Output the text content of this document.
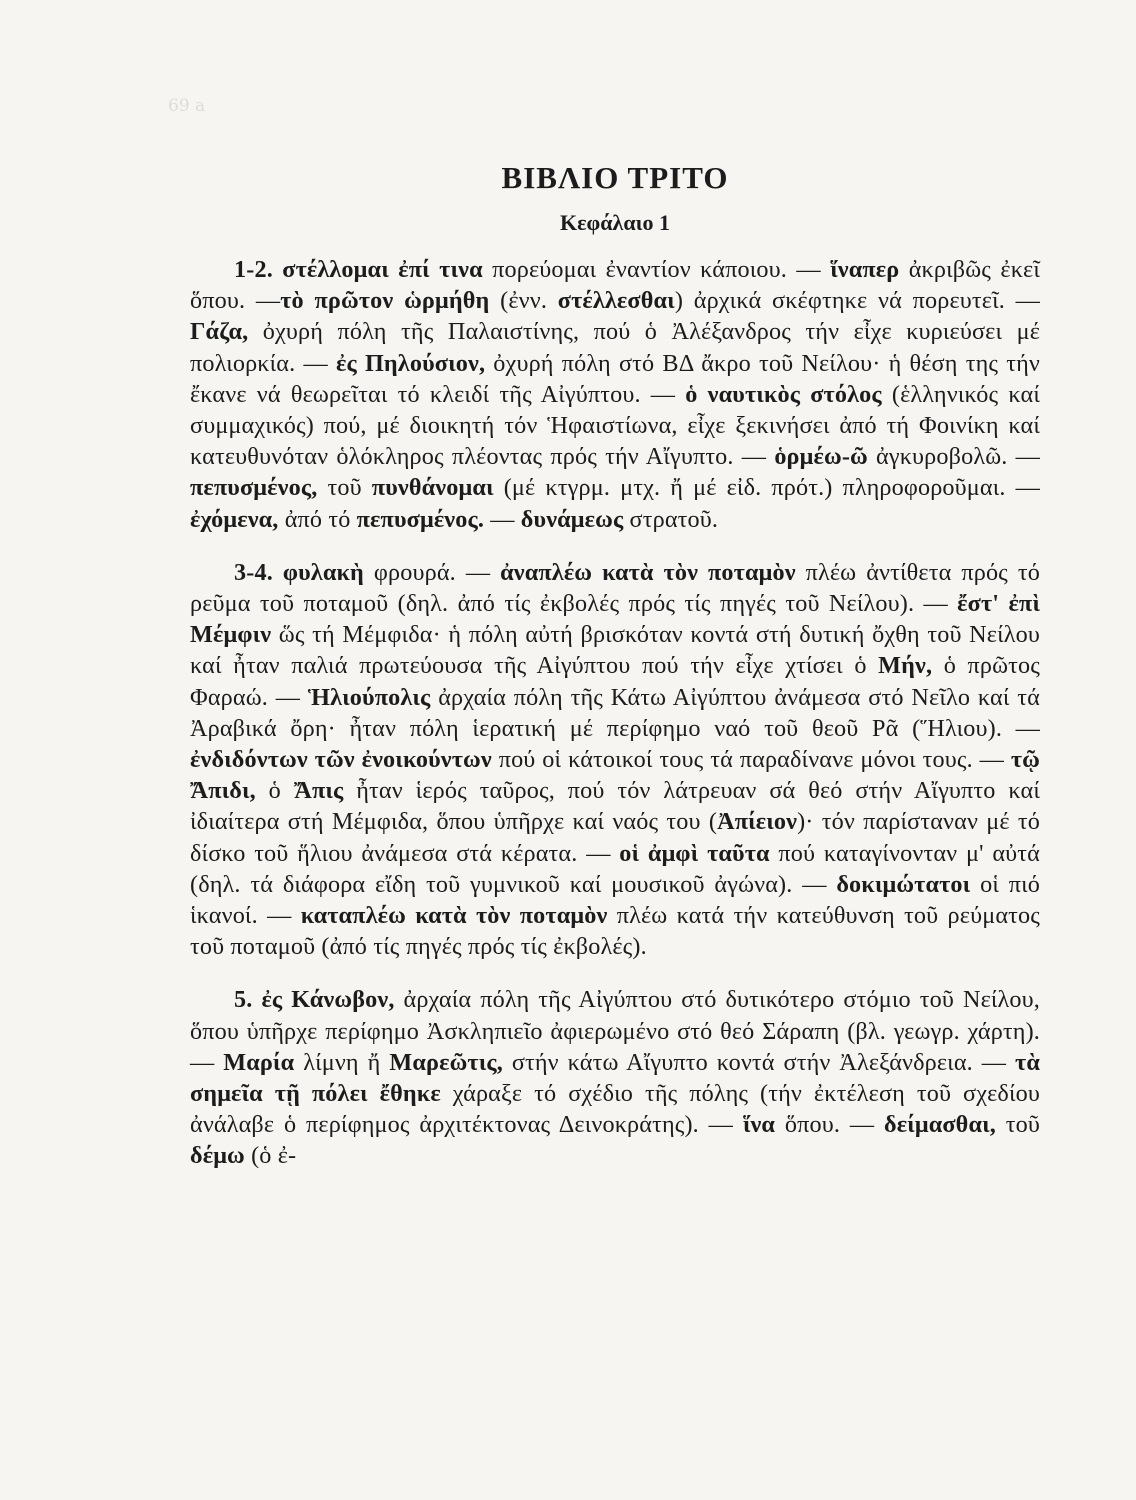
69 a
ΒΙΒΛΙΟ ΤΡΙΤΟ
Κεφάλαιο 1

1-2. στέλλομαι ἐπί τινα πορεύομαι ἐναντίον κάποιου. — ἵναπερ ἀκριβῶς ἐκεῖ ὅπου. —τὸ πρῶτον ὡρμήθη (ἐνν. στέλλεσθαι) ἀρχικά σκέφτηκε νά πορευτεῖ. — Γάζα, ὀχυρή πόλη τῆς Παλαιστίνης, πού ὁ Ἀλέξανδρος τήν εἶχε κυριεύσει μέ πολιορκία. — ἐς Πηλούσιον, ὀχυρή πόλη στό ΒΔ ἄκρο τοῦ Νείλου· ἡ θέση της τήν ἔκανε νά θεωρεῖται τό κλειδί τῆς Αἰγύπτου. — ὁ ναυτικὸς στόλος (ἑλληνικός καί συμμαχικός) πού, μέ διοικητή τόν Ἡφαιστίωνα, εἶχε ξεκινήσει ἀπό τή Φοινίκη καί κατευθυνόταν ὁλόκληρος πλέοντας πρός τήν Αἴγυπτο. — ὁρμέω-ῶ ἀγκυροβολῶ. — πεπυσμένος, τοῦ πυνθάνομαι (μέ κτγρμ. μτχ. ἤ μέ εἰδ. πρότ.) πληροφοροῦμαι. — ἐχόμενα, ἀπό τό πεπυσμένος. — δυνάμεως στρατοῦ.

3-4. φυλακὴ φρουρά. — ἀναπλέω κατὰ τὸν ποταμὸν πλέω ἀντίθετα πρός τό ρεῦμα τοῦ ποταμοῦ (δηλ. ἀπό τίς ἐκβολές πρός τίς πηγές τοῦ Νείλου). — ἔστ' ἐπὶ Μέμφιν ὥς τή Μέμφιδα· ἡ πόλη αὐτή βρισκόταν κοντά στή δυτική ὄχθη τοῦ Νείλου καί ἦταν παλιά πρωτεύουσα τῆς Αἰγύπτου πού τήν εἶχε χτίσει ὁ Μήν, ὁ πρῶτος Φαραώ. — Ἡλιούπολις ἀρχαία πόλη τῆς Κάτω Αἰγύπτου ἀνάμεσα στό Νεῖλο καί τά Ἀραβικά ὄρη· ἦταν πόλη ἱερατική μέ περίφημο ναό τοῦ θεοῦ Ρᾶ (Ἥλιου). — ἐνδιδόντων τῶν ἐνοικούντων πού οἱ κάτοικοί τους τά παραδίνανε μόνοι τους. — τῷ Ἄπιδι, ὁ Ἄπις ἦταν ἱερός ταῦρος, πού τόν λάτρευαν σά θεό στήν Αἴγυπτο καί ἰδιαίτερα στή Μέμφιδα, ὅπου ὑπῆρχε καί ναός του (Ἀπίειον)· τόν παρίσταναν μέ τό δίσκο τοῦ ἥλιου ἀνάμεσα στά κέρατα. — οἱ ἀμφὶ ταῦτα πού καταγίνονταν μ' αὐτά (δηλ. τά διάφορα εἴδη τοῦ γυμνικοῦ καί μουσικοῦ ἀγώνα). — δοκιμώτατοι οἱ πιό ἱκανοί. — καταπλέω κατὰ τὸν ποταμὸν πλέω κατά τήν κατεύθυνση τοῦ ρεύματος τοῦ ποταμοῦ (ἀπό τίς πηγές πρός τίς ἐκβολές).

5. ἐς Κάνωβον, ἀρχαία πόλη τῆς Αἰγύπτου στό δυτικότερο στόμιο τοῦ Νείλου, ὅπου ὑπῆρχε περίφημο Ἀσκληπιεῖο ἀφιερωμένο στό θεό Σάραπη (βλ. γεωγρ. χάρτη). — Μαρία λίμνη ἤ Μαρεῶτις, στήν κάτω Αἴγυπτο κοντά στήν Ἀλεξάνδρεια. — τὰ σημεῖα τῇ πόλει ἔθηκε χάραξε τό σχέδιο τῆς πόλης (τήν ἐκτέλεση τοῦ σχεδίου ἀνάλαβε ὁ περίφημος ἀρχιτέκτονας Δεινοκράτης). — ἵνα ὅπου. — δείμασθαι, τοῦ δέμω (ὁ ἐ-
